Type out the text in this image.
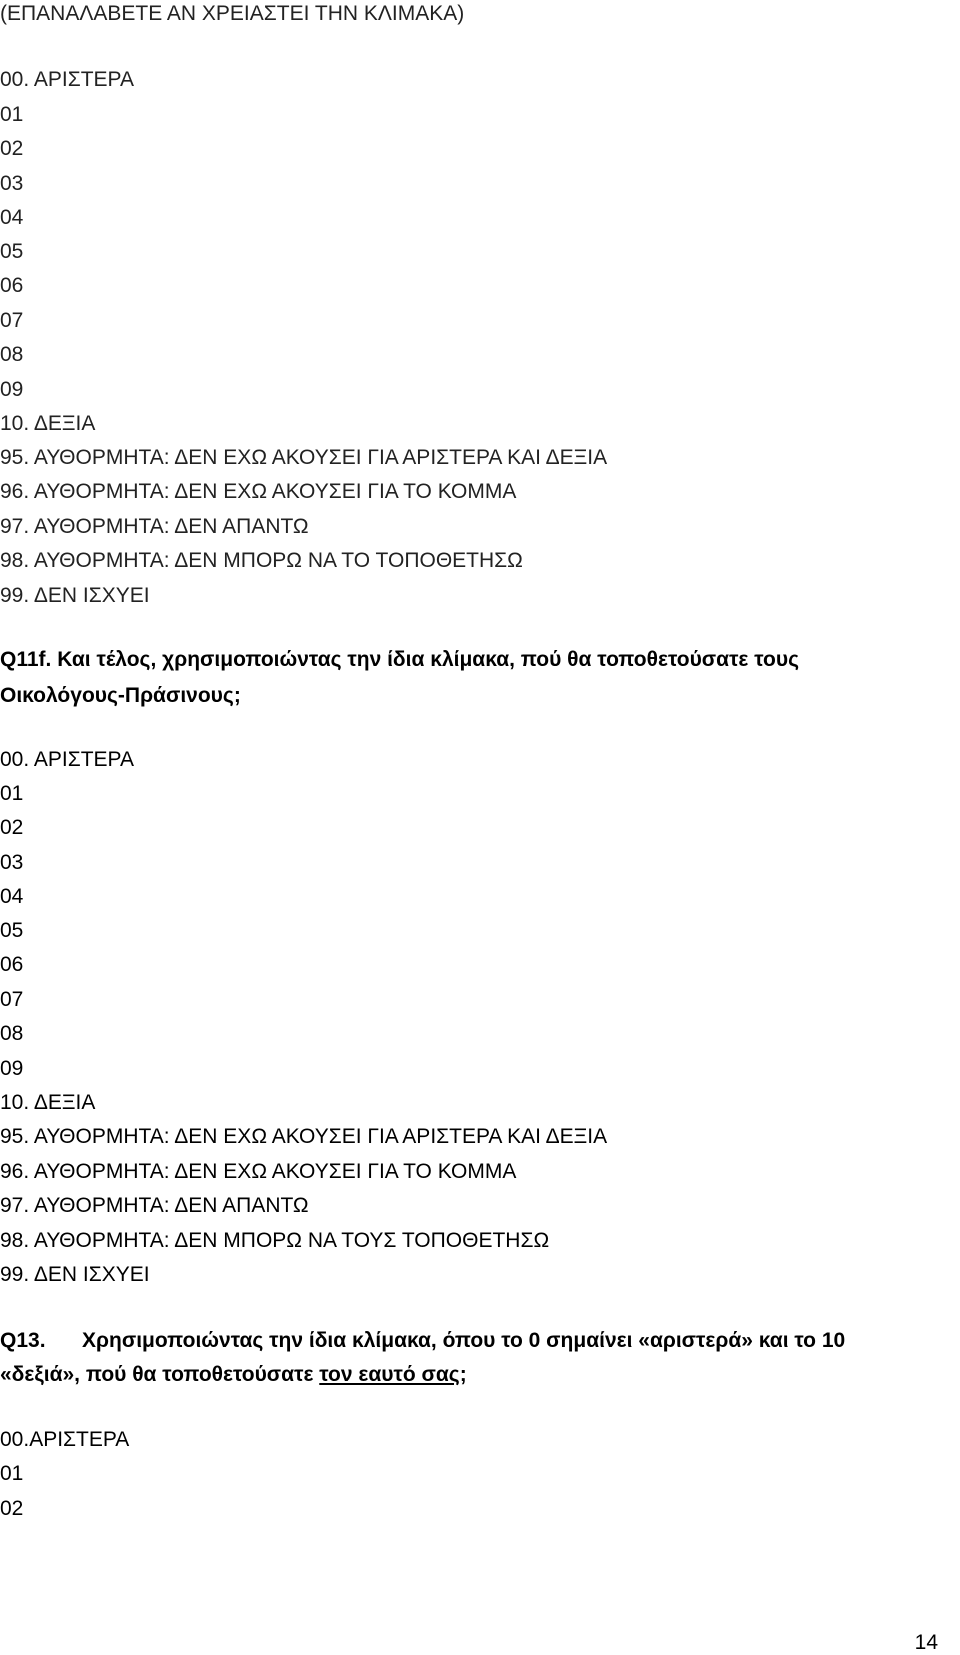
(ΕΠΑΝΑΛΑΒΕΤΕ ΑΝ ΧΡΕΙΑΣΤΕΙ ΤΗΝ ΚΛΙΜΑΚΑ)
00. ΑΡΙΣΤΕΡΑ
01
02
03
04
05
06
07
08
09
10. ΔΕΞΙΑ
95. ΑΥΘΟΡΜΗΤΑ: ΔΕΝ ΕΧΩ ΑΚΟΥΣΕΙ ΓΙΑ ΑΡΙΣΤΕΡΑ ΚΑΙ ΔΕΞΙΑ
96. ΑΥΘΟΡΜΗΤΑ: ΔΕΝ ΕΧΩ ΑΚΟΥΣΕΙ ΓΙΑ ΤΟ ΚΟΜΜΑ
97. ΑΥΘΟΡΜΗΤΑ: ΔΕΝ ΑΠΑΝΤΩ
98. ΑΥΘΟΡΜΗΤΑ: ΔΕΝ ΜΠΟΡΩ ΝΑ ΤΟ ΤΟΠΟΘΕΤΗΣΩ
99. ΔΕΝ ΙΣΧΥΕΙ
Q11f. Και τέλος, χρησιμοποιώντας την ίδια κλίμακα, πού θα τοποθετούσατε τους
Οικολόγους-Πράσινους;
00. ΑΡΙΣΤΕΡΑ
01
02
03
04
05
06
07
08
09
10. ΔΕΞΙΑ
95. ΑΥΘΟΡΜΗΤΑ: ΔΕΝ ΕΧΩ ΑΚΟΥΣΕΙ ΓΙΑ ΑΡΙΣΤΕΡΑ ΚΑΙ ΔΕΞΙΑ
96. ΑΥΘΟΡΜΗΤΑ: ΔΕΝ ΕΧΩ ΑΚΟΥΣΕΙ ΓΙΑ ΤΟ ΚΟΜΜΑ
97. ΑΥΘΟΡΜΗΤΑ: ΔΕΝ ΑΠΑΝΤΩ
98. ΑΥΘΟΡΜΗΤΑ: ΔΕΝ ΜΠΟΡΩ ΝΑ ΤΟΥΣ ΤΟΠΟΘΕΤΗΣΩ
99. ΔΕΝ ΙΣΧΥΕΙ
Q13. Χρησιμοποιώντας την ίδια κλίμακα, όπου το 0 σημαίνει «αριστερά» και το 10
«δεξιά», πού θα τοποθετούσατε τον εαυτό σας;
00.ΑΡΙΣΤΕΡΑ
01
02
14
